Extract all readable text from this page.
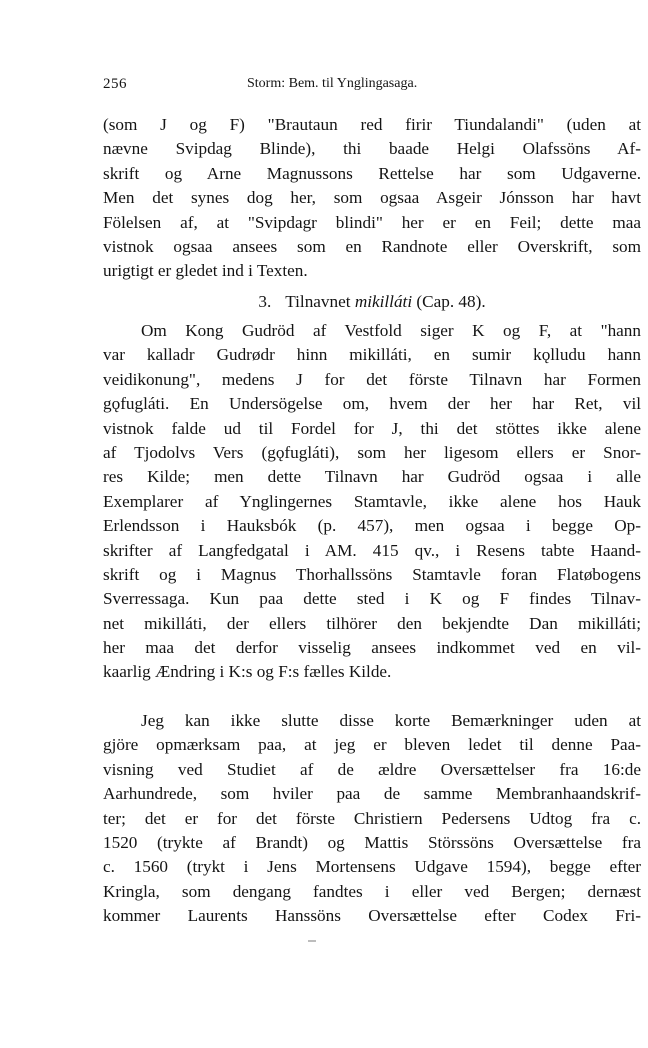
256	Storm: Bem. til Ynglingasaga.
(som J og F) "Brautaun red firir Tiundalandi" (uden at
nævne Svipdag Blinde), thi baade Helgi Olafssöns Af-
skrift og Arne Magnussons Rettelse har som Udgaverne.
Men det synes dog her, som ogsaa Asgeir Jónsson har havt
Fölelsen af, at "Svipdagr blindi" her er en Feil; dette maa
vistnok ogsaa ansees som en Randnote eller Overskrift, som
urigtigt er gledet ind i Texten.
3. Tilnavnet mikilláti (Cap. 48).
Om Kong Gudröd af Vestfold siger K og F, at "hann
var kalladr Gudrødr hinn mikilláti, en sumir kǫlludu hann
veidikonung", medens J for det förste Tilnavn har Formen
gǫfugláti. En Undersögelse om, hvem der her har Ret, vil
vistnok falde ud til Fordel for J, thi det stöttes ikke alene
af Tjodolvs Vers (gǫfugláti), som her ligesom ellers er Snor-
res Kilde; men dette Tilnavn har Gudröd ogsaa i alle
Exemplarer af Ynglingernes Stamtavle, ikke alene hos Hauk
Erlendsson i Hauksbók (p. 457), men ogsaa i begge Op-
skrifter af Langfedgatal i AM. 415 qv., i Resens tabte Haand-
skrift og i Magnus Thorhallssöns Stamtavle foran Flatøbogens
Sverressaga. Kun paa dette sted i K og F findes Tilnav-
net mikilláti, der ellers tilhörer den bekjendte Dan mikilláti;
her maa det derfor visselig ansees indkommet ved en vil-
kaarlig Ændring i K:s og F:s fælles Kilde.
Jeg kan ikke slutte disse korte Bemærkninger uden at
gjöre opmærksam paa, at jeg er bleven ledet til denne Paa-
visning ved Studiet af de ældre Oversættelser fra 16:de
Aarhundrede, som hviler paa de samme Membranhaandskrif-
ter; det er for det förste Christiern Pedersens Udtog fra c.
1520 (trykte af Brandt) og Mattis Störssöns Oversættelse fra
c. 1560 (trykt i Jens Mortensens Udgave 1594), begge efter
Kringla, som dengang fandtes i eller ved Bergen; dernæst
kommer Laurents Hanssöns Oversættelse efter Codex Fri-
